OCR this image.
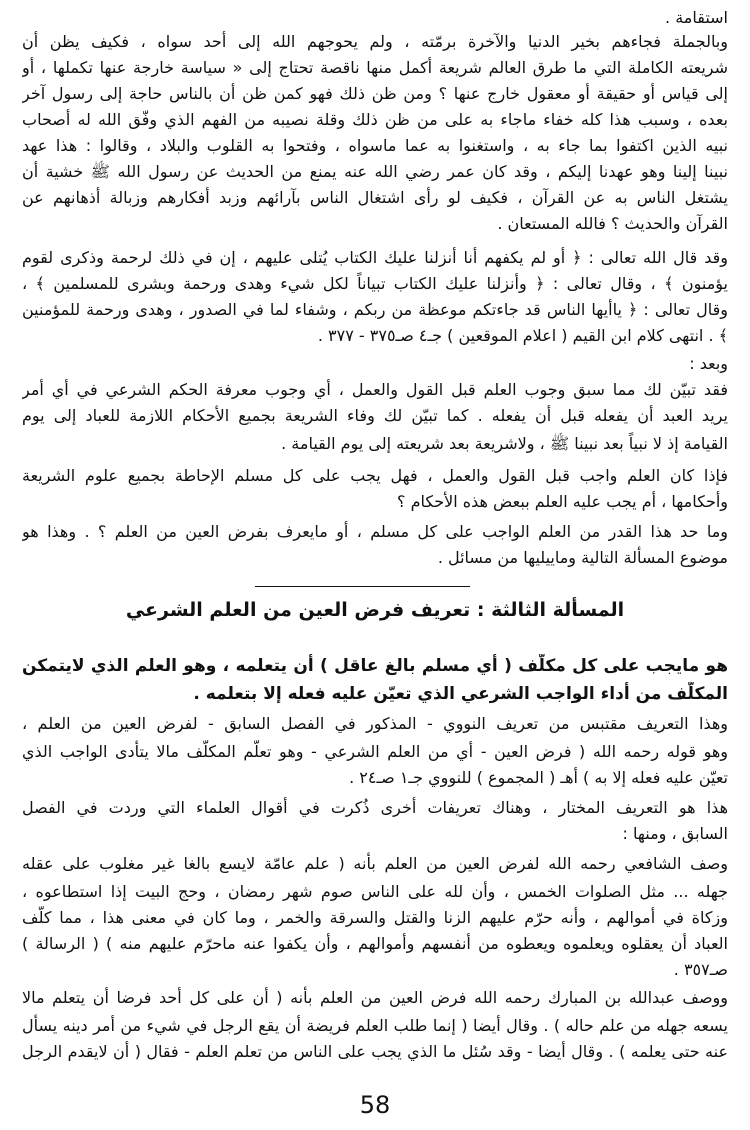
استقامة .
وبالجملة فجاءهم بخير الدنيا والآخرة برمّته ، ولم يحوجهم الله إلى أحد سواه ، فكيف يظن أن
شريعته الكاملة التي ما طرق العالم شريعة أكمل منها ناقصة تحتاج إلى « سياسة خارجة عنها تكملها ، أو
إلى قياس أو حقيقة أو معقول خارج عنها ؟ ومن ظن ذلك فهو كمن ظن أن بالناس حاجة إلى رسول آخر
بعده ، وسبب هذا كله خفاء ماجاء به على من ظن ذلك وقلة نصيبه من الفهم الذي وفّق الله له أصحاب
نبيه الذين اكتفوا بما جاء به ، واستغنوا به عما ماسواه ، وفتحوا به القلوب والبلاد ، وقالوا : هذا عهد
نبينا إلينا وهو عهدنا إليكم ، وقد كان عمر رضي الله عنه يمنع من الحديث عن رسول الله ﷺ خشية أن
يشتغل الناس به عن القرآن ، فكيف لو رأى اشتغال الناس بآرائهم وزبد أفكارهم وزبالة أذهانهم عن
القرآن والحديث ؟ فالله المستعان .
وقد قال الله تعالى : ﴿ أو لم يكفهم أنا أنزلنا عليك الكتاب يُتلى عليهم ، إن في ذلك لرحمة وذكرى لقوم
يؤمنون ﴾ ، وقال تعالى : ﴿ وأنزلنا عليك الكتاب تبياناً لكل شيء وهدى ورحمة وبشرى للمسلمين ﴾ ،
وقال تعالى : ﴿ ياأيها الناس قد جاءتكم موعظة من ربكم ، وشفاء لما في الصدور ، وهدى ورحمة للمؤمنين
﴾ . انتهى كلام ابن القيم ( اعلام الموقعين ) جـ٤ صـ٣٧٥ - ٣٧٧ .
وبعد :
فقد تبيّن لك مما سبق وجوب العلم قبل القول والعمل ، أي وجوب معرفة الحكم الشرعي في أي أمر
يريد العبد أن يفعله قبل أن يفعله . كما تبيّن لك وفاء الشريعة بجميع الأحكام اللازمة للعباد إلى يوم
القيامة إذ لا نبياً بعد نبينا ﷺ ، ولاشريعة بعد شريعته إلى يوم القيامة .
فإذا كان العلم واجب قبل القول والعمل ، فهل يجب على كل مسلم الإحاطة بجميع علوم الشريعة
وأحكامها ، أم يجب عليه العلم ببعض هذه الأحكام ؟
وما حد هذا القدر من العلم الواجب على كل مسلم ، أو مايعرف بفرض العين من العلم ؟ . وهذا هو
موضوع المسألة التالية وماييليها من مسائل .
المسألة الثالثة : تعريف فرض العين من العلم الشرعي
هو مايجب على كل مكلّف ( أي مسلم بالغ عاقل ) أن يتعلمه ، وهو العلم الذي لايتمكن
المكلّف من أداء الواجب الشرعي الذي تعيّن عليه فعله إلا بتعلمه .
وهذا التعريف مقتبس من تعريف النووي - المذكور في الفصل السابق - لفرض العين من العلم ،
وهو قوله رحمه الله ( فرض العين - أي من العلم الشرعي - وهو تعلّم المكلّف مالا يتأدى الواجب الذي
تعيّن عليه فعله إلا به ) أهـ ( المجموع ) للنووي جـ١ صـ٢٤ .
هذا هو التعريف المختار ، وهناك تعريفات أخرى ذُكرت في أقوال العلماء التي وردت في الفصل
السابق ، ومنها :
وصف الشافعي رحمه الله لفرض العين من العلم بأنه ( علم عامّة لايسع بالغا غير مغلوب على عقله
جهله ... مثل الصلوات الخمس ، وأن لله على الناس صوم شهر رمضان ، وحج البيت إذا استطاعوه ،
وزكاة في أموالهم ، وأنه حرّم عليهم الزنا والقتل والسرقة والخمر ، وما كان في معنى هذا ، مما كلّف
العباد أن يعقلوه ويعلموه ويعطوه من أنفسهم وأموالهم ، وأن يكفوا عنه ماحرّم عليهم منه ) ( الرسالة )
صـ٣٥٧ .
ووصف عبدالله بن المبارك رحمه الله فرض العين من العلم بأنه ( أن على كل أحد فرضا أن يتعلم مالا
يسعه جهله من علم حاله ) . وقال أيضا ( إنما طلب العلم فريضة أن يقع الرجل في شيء من أمر دينه يسأل
عنه حتى يعلمه ) . وقال أيضا - وقد سُئل ما الذي يجب على الناس من تعلم العلم - فقال ( أن لايقدم الرجل
58
